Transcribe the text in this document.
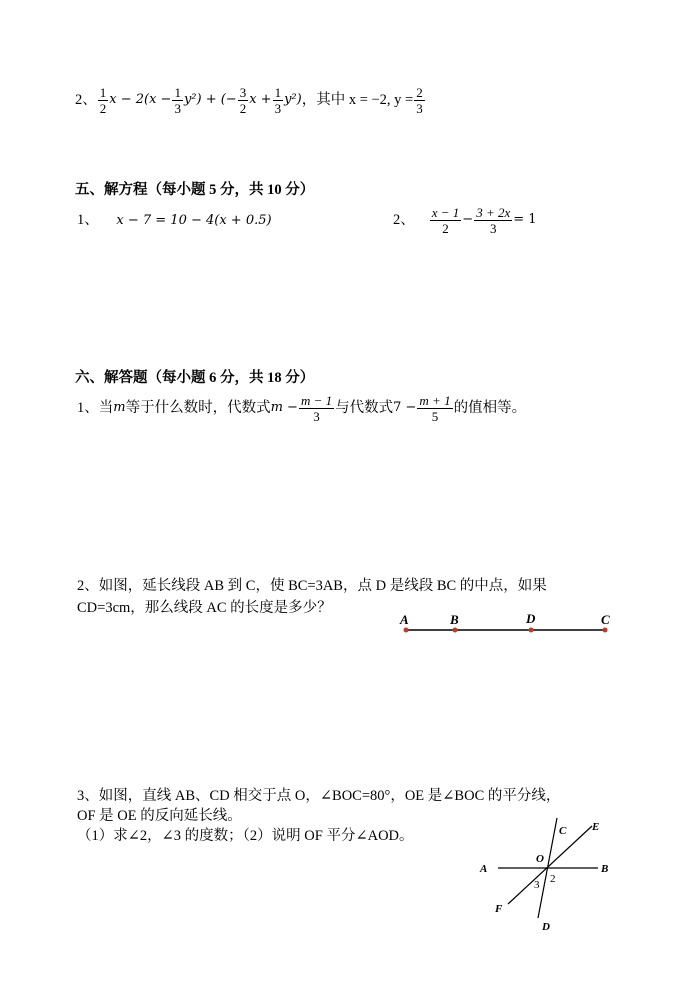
2、 $\frac{1}{2}$ $x - 2(x - \frac{1}{3} y^2)$ + (− $\frac{3}{2}$ $x + \frac{1}{3} y^2$) ，其中 x = −2, $y = \frac{2}{3}$
五、解方程（每小题 5 分，共 10 分）
1、 x − 7 = 10 − 4(x + 0.5)	2、 $\frac{x - 1}{2} - \frac{3 + 2x}{3} = 1$
六、解答题（每小题 6 分，共 18 分）
1、当 m 等于什么数时，代数式 $m - \frac{m - 1}{3}$ 与代数式 $7 - \frac{m + 1}{5}$ 的值相等。
2、如图，延长线段 AB 到 C，使 BC=3AB，点 D 是线段 BC 的中点，如果
CD=3cm，那么线段 AC 的长度是多少？
A	B	D	C
3、如图，直线 AB、CD 相交于点 O，∠BOC=80°，OE 是∠BOC 的平分线，
OF 是 OE 的反向延长线。
（1）求∠2，∠3 的度数；（2）说明 OF 平分∠AOD。	C E
O
A	B
3 2
F
D
